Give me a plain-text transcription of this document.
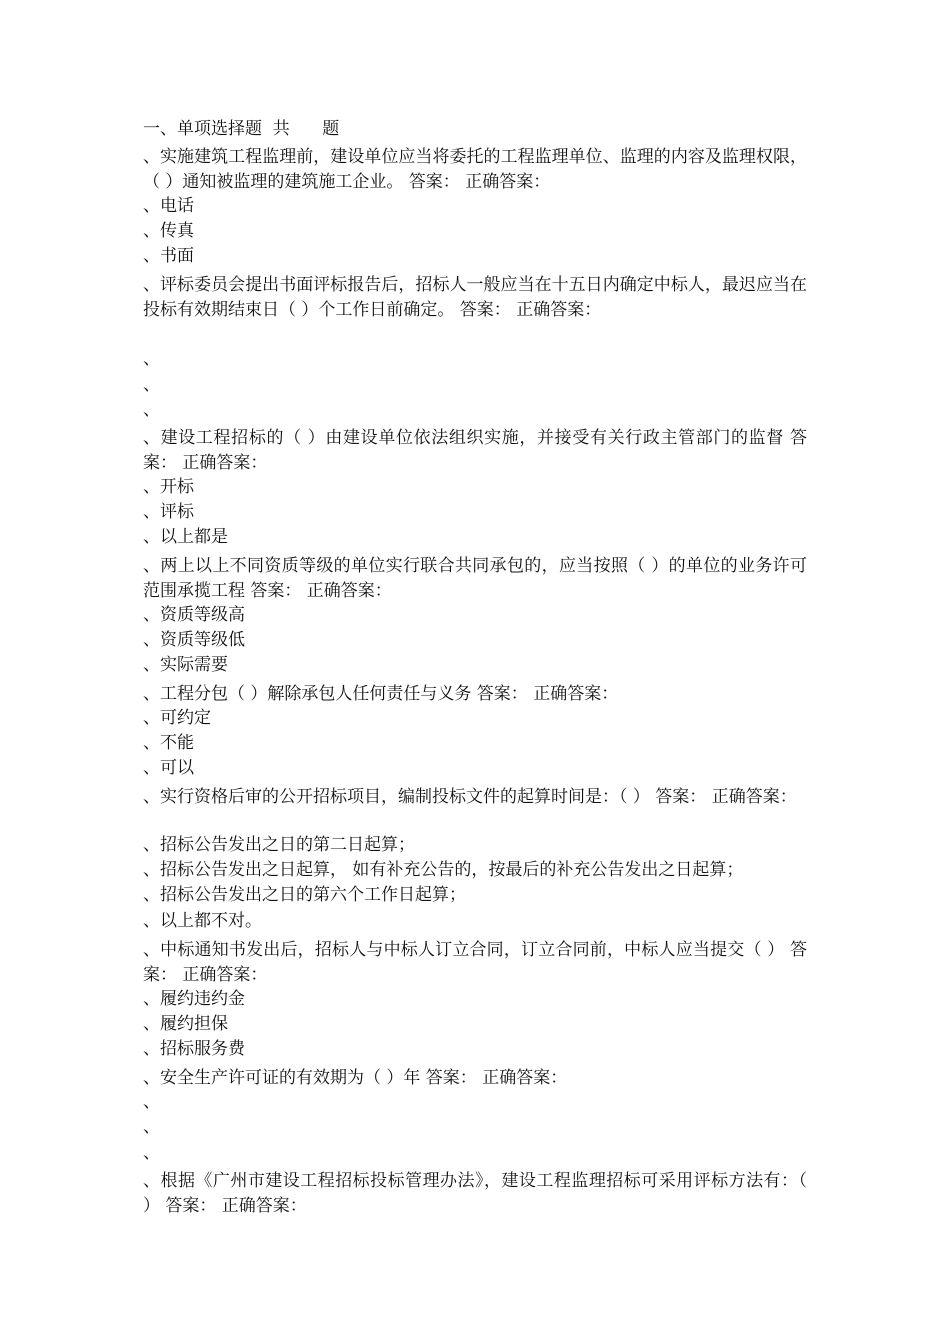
一、单项选择题  共      题
、实施建筑工程监理前，建设单位应当将委托的工程监理单位、监理的内容及监理权限，（ ）通知被监理的建筑施工企业。 答案： 正确答案：
、电话
、传真
、书面
、评标委员会提出书面评标报告后，招标人一般应当在十五日内确定中标人，最迟应当在投标有效期结束日（ ）个工作日前确定。 答案： 正确答案：
、
、
、
、建设工程招标的（ ）由建设单位依法组织实施，并接受有关行政主管部门的监督 答案： 正确答案：
、开标
、评标
、以上都是
、两上以上不同资质等级的单位实行联合共同承包的，应当按照（ ）的单位的业务许可范围承揽工程 答案： 正确答案：
、资质等级高
、资质等级低
、实际需要
、工程分包（ ）解除承包人任何责任与义务 答案： 正确答案：
、可约定
、不能
、可以
、实行资格后审的公开招标项目，编制投标文件的起算时间是：（ ） 答案： 正确答案：
、招标公告发出之日的第二日起算；
、招标公告发出之日起算， 如有补充公告的，按最后的补充公告发出之日起算；
、招标公告发出之日的第六个工作日起算；
、以上都不对。
、中标通知书发出后，招标人与中标人订立合同，订立合同前，中标人应当提交（ ） 答案： 正确答案：
、履约违约金
、履约担保
、招标服务费
、安全生产许可证的有效期为（ ）年 答案： 正确答案：
、
、
、
、根据《广州市建设工程招标投标管理办法》，建设工程监理招标可采用评标方法有：（ ） 答案： 正确答案：
